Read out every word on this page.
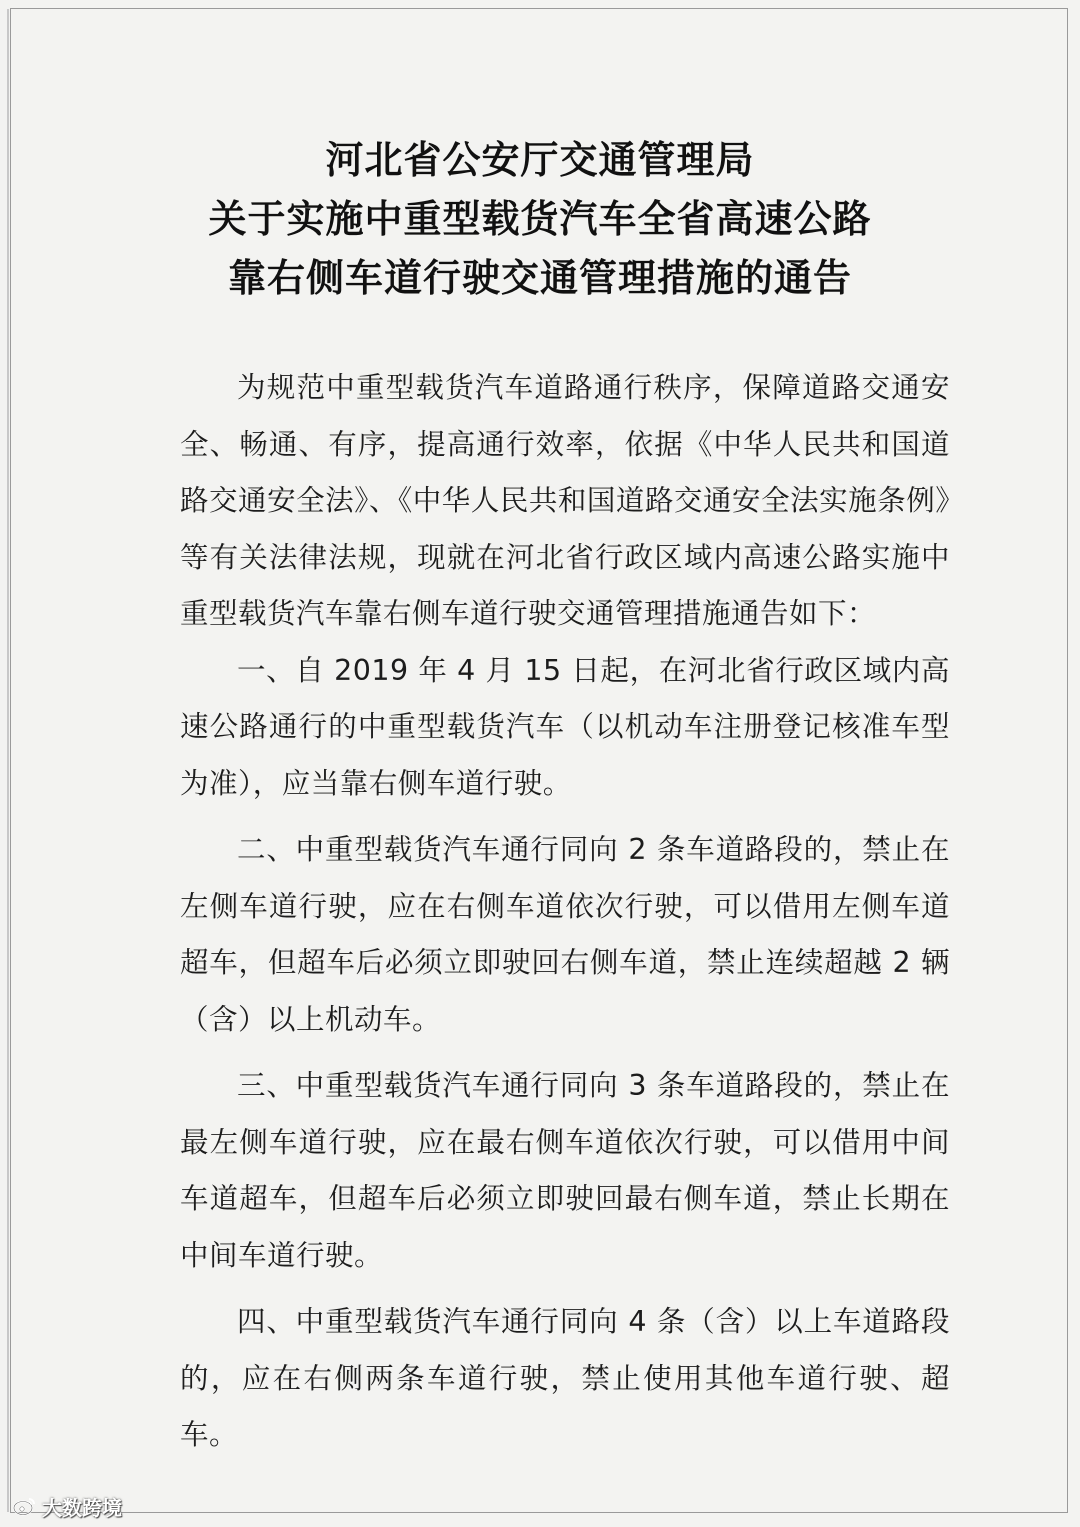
河北省公安厅交通管理局
关于实施中重型载货汽车全省高速公路
靠右侧车道行驶交通管理措施的通告

为规范中重型载货汽车道路通行秩序，保障道路交通安全、畅通、有序，提高通行效率，依据《中华人民共和国道路交通安全法》、《中华人民共和国道路交通安全法实施条例》等有关法律法规，现就在河北省行政区域内高速公路实施中重型载货汽车靠右侧车道行驶交通管理措施通告如下：

一、自 2019 年 4 月 15 日起，在河北省行政区域内高速公路通行的中重型载货汽车（以机动车注册登记核准车型为准），应当靠右侧车道行驶。

二、中重型载货汽车通行同向 2 条车道路段的，禁止在左侧车道行驶，应在右侧车道依次行驶，可以借用左侧车道超车，但超车后必须立即驶回右侧车道，禁止连续超越 2 辆（含）以上机动车。

三、中重型载货汽车通行同向 3 条车道路段的，禁止在最左侧车道行驶，应在最右侧车道依次行驶，可以借用中间车道超车，但超车后必须立即驶回最右侧车道，禁止长期在中间车道行驶。

四、中重型载货汽车通行同向 4 条（含）以上车道路段的，应在右侧两条车道行驶，禁止使用其他车道行驶、超车。

大数跨境
